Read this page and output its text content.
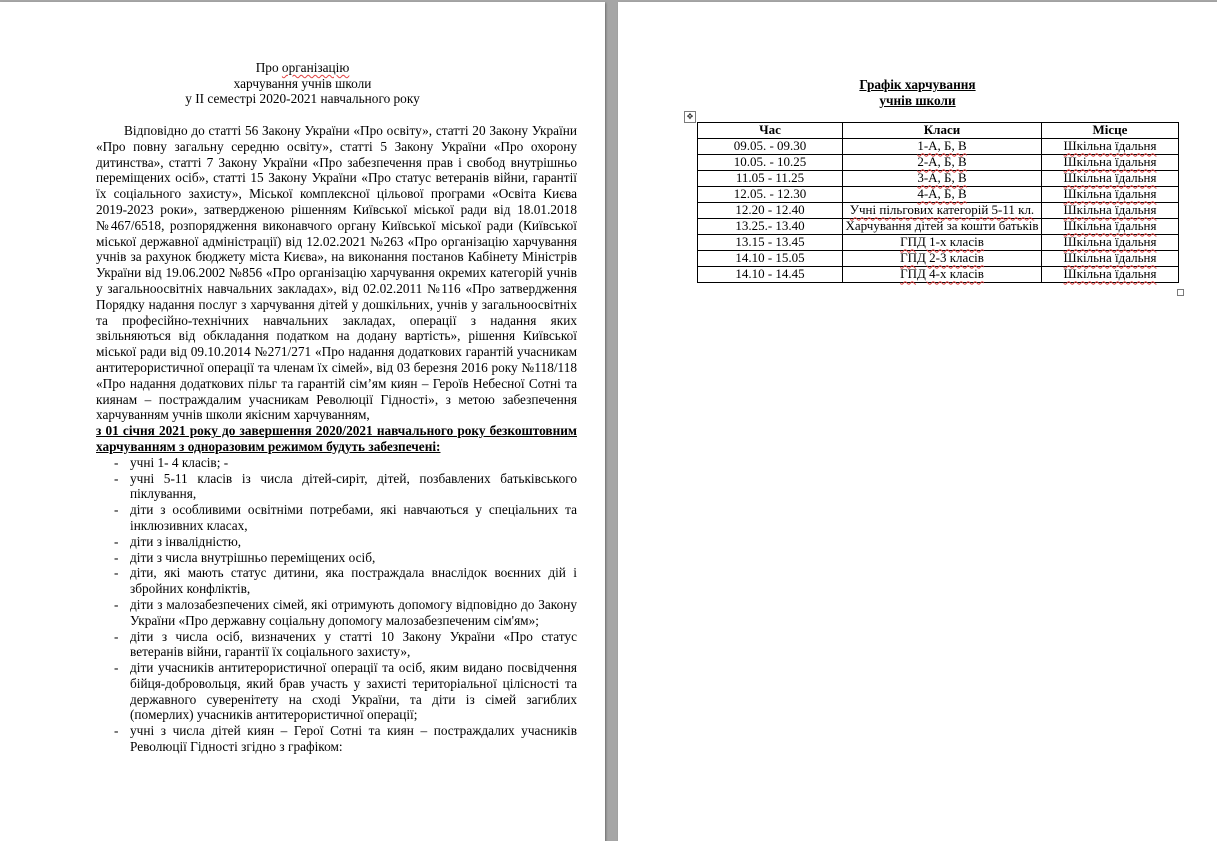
Про організацію
харчування учнів школи
у II семестрі 2020-2021 навчального року

Відповідно до статті 56 Закону України «Про освіту», статті 20 Закону України «Про повну загальну середню освіту», статті 5 Закону України «Про охорону дитинства», статті 7 Закону України «Про забезпечення прав і свобод внутрішньо переміщених осіб», статті 15 Закону України «Про статус ветеранів війни, гарантії їх соціального захисту», Міської комплексної цільової програми «Освіта Києва 2019-2023 роки», затвердженою рішенням Київської міської ради від 18.01.2018 №467/6518, розпорядження виконавчого органу Київської міської ради (Київської міської державної адміністрації) від 12.02.2021 №263 «Про організацію харчування учнів за рахунок бюджету міста Києва», на виконання постанов Кабінету Міністрів України від 19.06.2002 №856 «Про організацію харчування окремих категорій учнів у загальноосвітніх навчальних закладах», від 02.02.2011 №116 «Про затвердження Порядку надання послуг з харчування дітей у дошкільних, учнів у загальноосвітніх та професійно-технічних навчальних закладах, операції з надання яких звільняються від обкладання податком на додану вартість», рішення Київської міської ради від 09.10.2014 №271/271 «Про надання додаткових гарантій учасникам антитерористичної операції та членам їх сімей», від 03 березня 2016 року №118/118 «Про надання додаткових пільг та гарантій сім’ям киян – Героїв Небесної Сотні та киянам – постраждалим учасникам Революції Гідності», з метою забезпечення харчуванням учнів школи якісним харчуванням,

з 01 січня 2021 року до завершення 2020/2021 навчального року безкоштовним харчуванням з одноразовим режимом будуть забезпечені:

- учні 1- 4 класів; -
- учні 5-11 класів із числа дітей-сиріт, дітей, позбавлених батьківського піклування,
- діти з особливими освітніми потребами, які навчаються у спеціальних та інклюзивних класах,
- діти з інвалідністю,
- діти з числа внутрішньо переміщених осіб,
- діти, які мають статус дитини, яка постраждала внаслідок воєнних дій і збройних конфліктів,
- діти з малозабезпечених сімей, які отримують допомогу відповідно до Закону України «Про державну соціальну допомогу малозабезпеченим сім'ям»;
- діти з числа осіб, визначених у статті 10 Закону України «Про статус ветеранів війни, гарантії їх соціального захисту»,
- діти учасників антитерористичної операції та осіб, яким видано посвідчення бійця-добровольця, який брав участь у захисті територіальної цілісності та державного суверенітету на сході України, та діти із сімей загиблих (померлих) учасників антитерористичної операції;
- учні з числа дітей киян – Герої Сотні та киян – постраждалих учасників Революції Гідності згідно з графіком:
Графік харчування
учнів школи
✥
Час	Класи	Місце
09.05. - 09.30	1-А, Б, В	Шкільна їдальня
10.05. - 10.25	2-А, Б, В	Шкільна їдальня
11.05 - 11.25	3-А, Б, В	Шкільна їдальня
12.05. - 12.30	4-А, Б, В	Шкільна їдальня
12.20 - 12.40	Учні пільгових категорій 5-11 кл.	Шкільна їдальня
13.25.- 13.40	Харчування дітей за кошти батьків	Шкільна їдальня
13.15 - 13.45	ГПД 1-х класів	Шкільна їдальня
14.10 - 15.05	ГПД 2-3 класів	Шкільна їдальня
14.10 - 14.45	ГПД 4-х класів	Шкільна їдальня
